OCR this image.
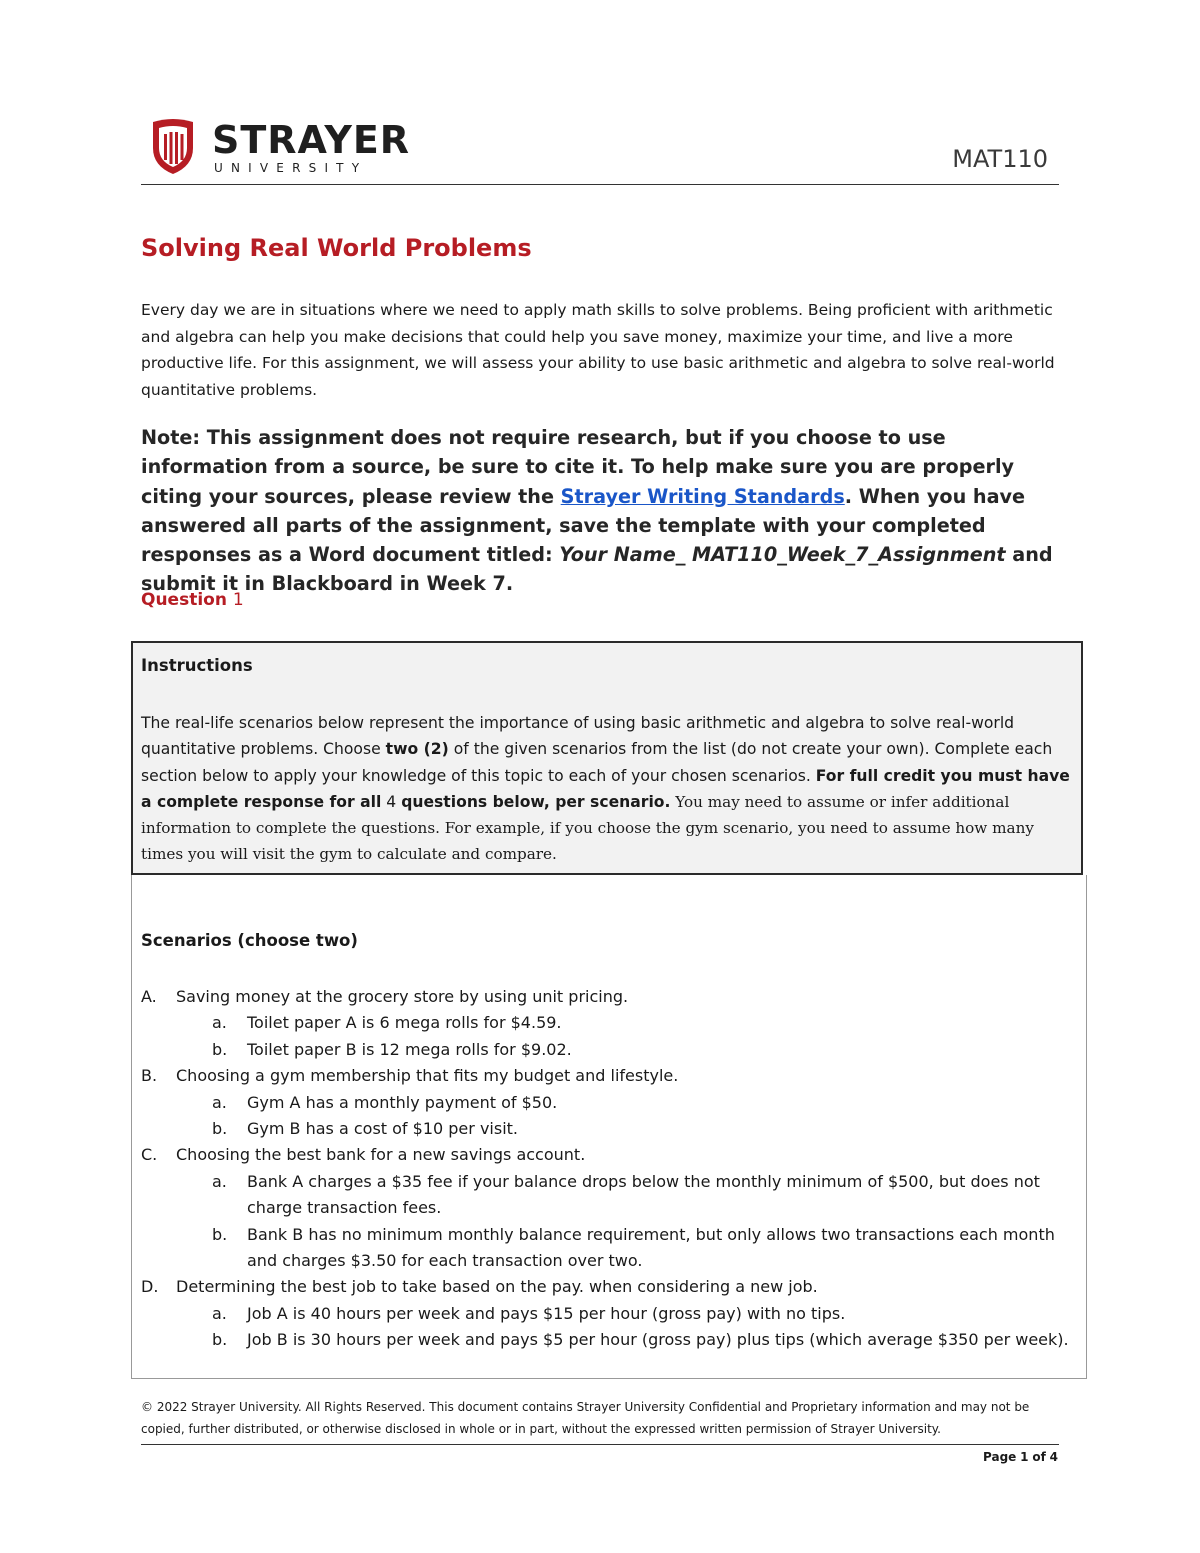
STRAYER
UNIVERSITY	MAT110
Solving Real World Problems
Every day we are in situations where we need to apply math skills to solve problems. Being proficient with arithmetic and algebra can help you make decisions that could help you save money, maximize your time, and live a more productive life. For this assignment, we will assess your ability to use basic arithmetic and algebra to solve real-world quantitative problems.
Note: This assignment does not require research, but if you choose to use information from a source, be sure to cite it. To help make sure you are properly citing your sources, please review the Strayer Writing Standards. When you have answered all parts of the assignment, save the template with your completed responses as a Word document titled: Your Name_ MAT110_Week_7_Assignment and submit it in Blackboard in Week 7.
Question 1
Instructions
The real-life scenarios below represent the importance of using basic arithmetic and algebra to solve real-world quantitative problems. Choose two (2) of the given scenarios from the list (do not create your own). Complete each section below to apply your knowledge of this topic to each of your chosen scenarios. For full credit you must have a complete response for all 4 questions below, per scenario. You may need to assume or infer additional information to complete the questions. For example, if you choose the gym scenario, you need to assume how many times you will visit the gym to calculate and compare.
Scenarios (choose two)
A. Saving money at the grocery store by using unit pricing.
a. Toilet paper A is 6 mega rolls for $4.59.
b. Toilet paper B is 12 mega rolls for $9.02.
B. Choosing a gym membership that fits my budget and lifestyle.
a. Gym A has a monthly payment of $50.
b. Gym B has a cost of $10 per visit.
C. Choosing the best bank for a new savings account.
a. Bank A charges a $35 fee if your balance drops below the monthly minimum of $500, but does not charge transaction fees.
b. Bank B has no minimum monthly balance requirement, but only allows two transactions each month and charges $3.50 for each transaction over two.
D. Determining the best job to take based on the pay. when considering a new job.
a. Job A is 40 hours per week and pays $15 per hour (gross pay) with no tips.
b. Job B is 30 hours per week and pays $5 per hour (gross pay) plus tips (which average $350 per week).
© 2022 Strayer University. All Rights Reserved. This document contains Strayer University Confidential and Proprietary information and may not be copied, further distributed, or otherwise disclosed in whole or in part, without the expressed written permission of Strayer University.
Page 1 of 4
